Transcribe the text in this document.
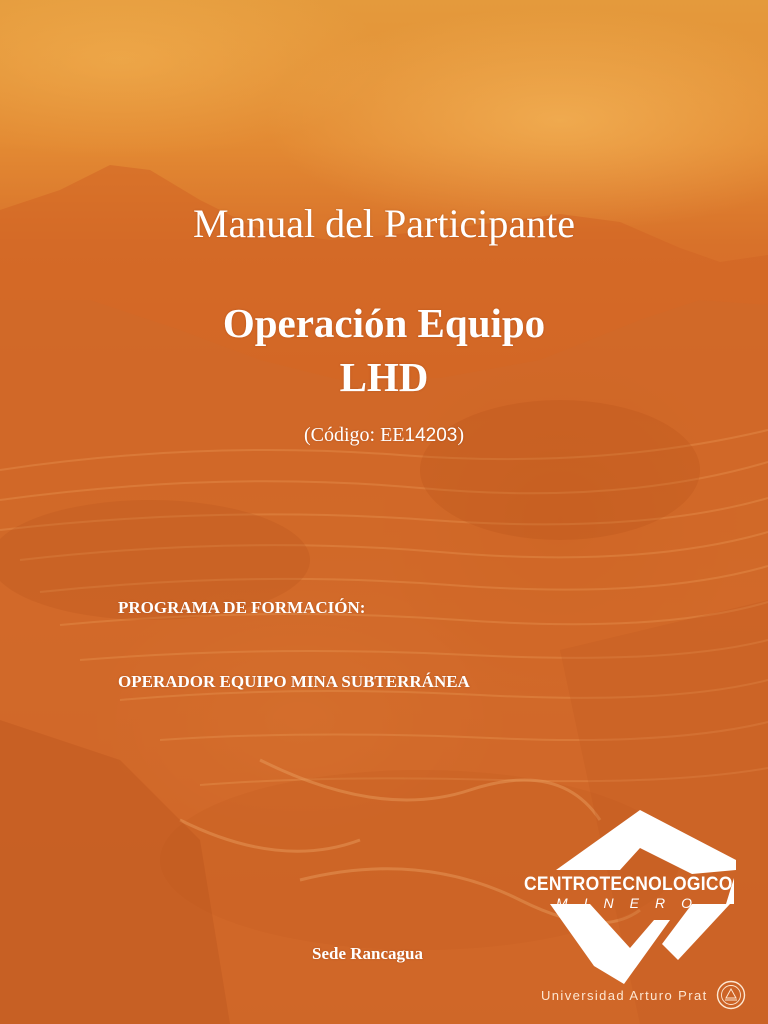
Manual del Participante
Operación Equipo
LHD
(Código: EE14203)
PROGRAMA DE FORMACIÓN:
OPERADOR EQUIPO MINA SUBTERRÁNEA
Sede Rancagua
CENTROTECNOLOGICO
MINERO
Universidad Arturo Prat
